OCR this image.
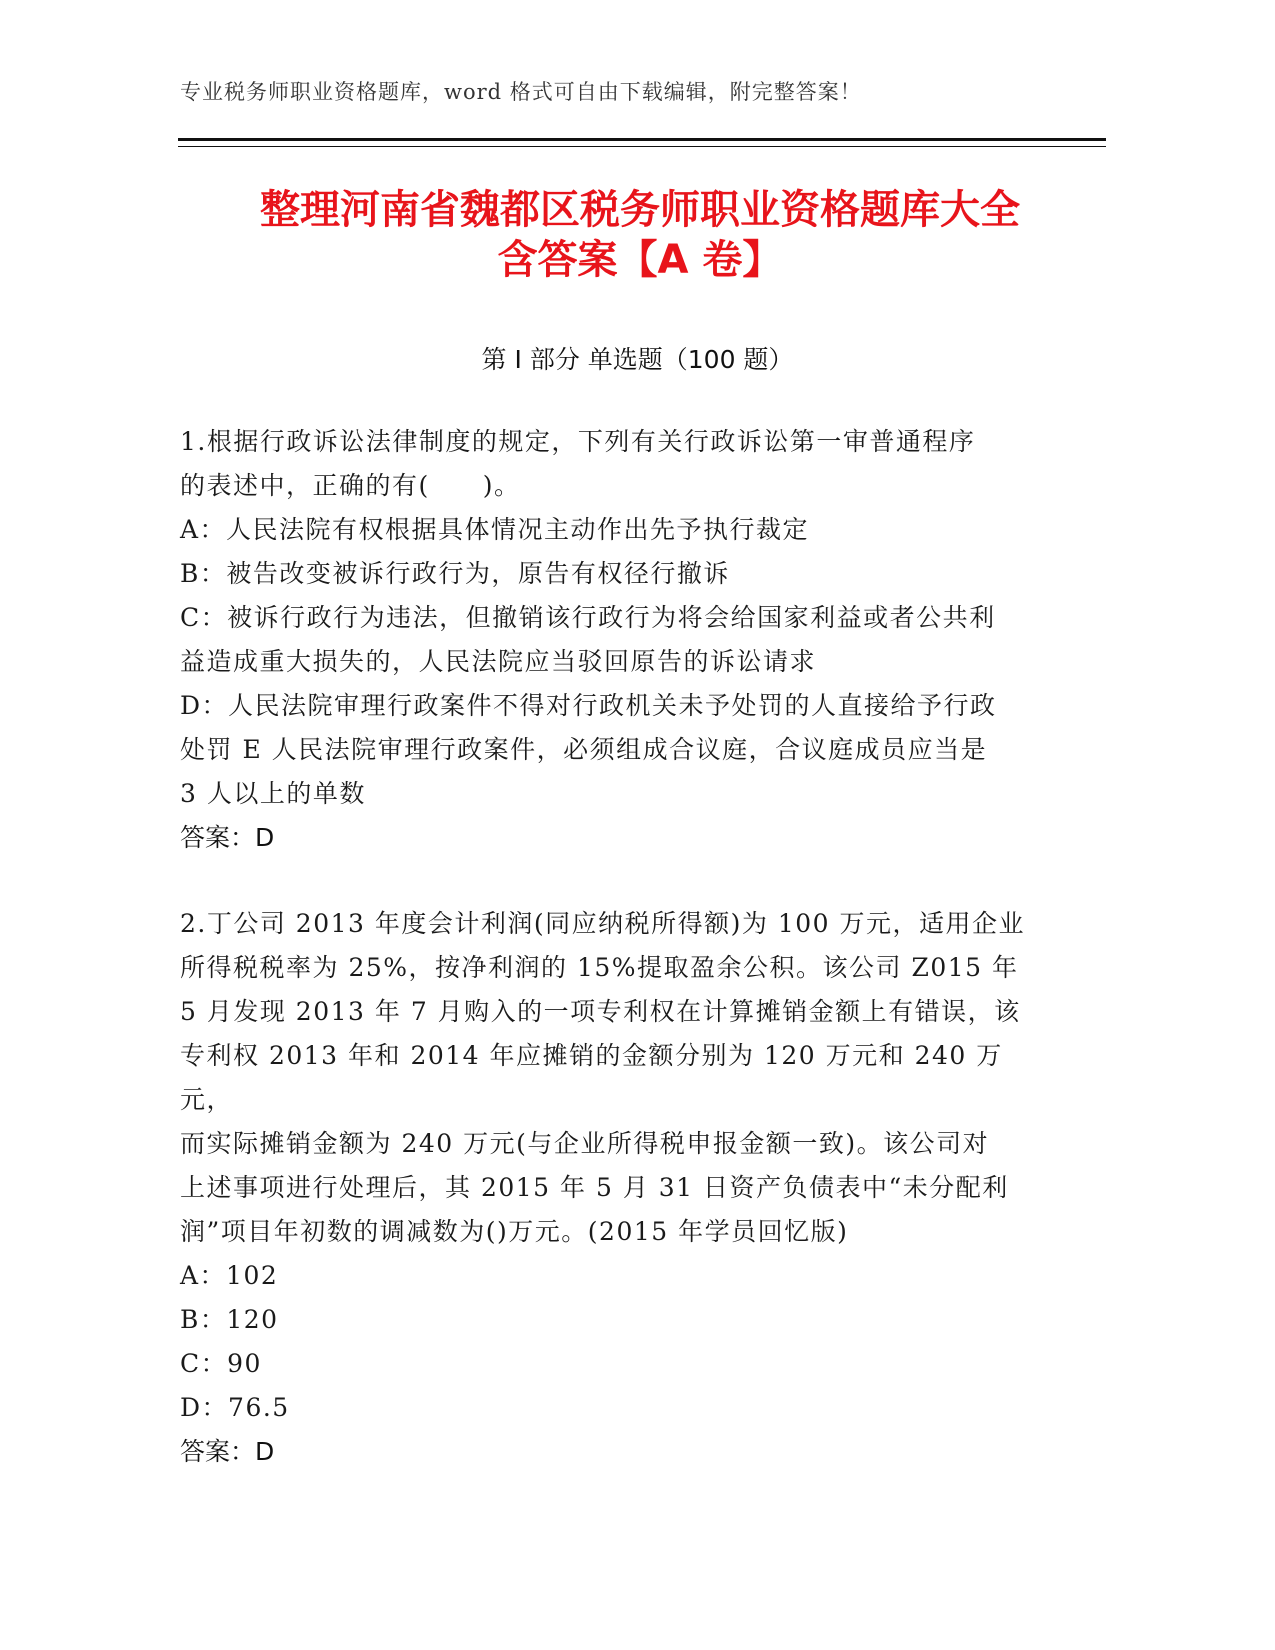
专业税务师职业资格题库，word 格式可自由下载编辑，附完整答案！
整理河南省魏都区税务师职业资格题库大全
含答案【A 卷】
第 I 部分 单选题（100 题）
1.根据行政诉讼法律制度的规定，下列有关行政诉讼第一审普通程序
的表述中，正确的有(　　)。
A：人民法院有权根据具体情况主动作出先予执行裁定
B：被告改变被诉行政行为，原告有权径行撤诉
C：被诉行政行为违法，但撤销该行政行为将会给国家利益或者公共利
益造成重大损失的，人民法院应当驳回原告的诉讼请求
D：人民法院审理行政案件不得对行政机关未予处罚的人直接给予行政
处罚 E 人民法院审理行政案件，必须组成合议庭，合议庭成员应当是
3 人以上的单数
答案：D
2.丁公司 2013 年度会计利润(同应纳税所得额)为 100 万元，适用企业
所得税税率为 25%，按净利润的 15%提取盈余公积。该公司 Z015 年
5 月发现 2013 年 7 月购入的一项专利权在计算摊销金额上有错误，该
专利权 2013 年和 2014 年应摊销的金额分别为 120 万元和 240 万元，
而实际摊销金额为 240 万元(与企业所得税申报金额一致)。该公司对
上述事项进行处理后，其 2015 年 5 月 31 日资产负债表中“未分配利
润”项目年初数的调减数为()万元。(2015 年学员回忆版)
A：102
B：120
C：90
D：76.5
答案：D
